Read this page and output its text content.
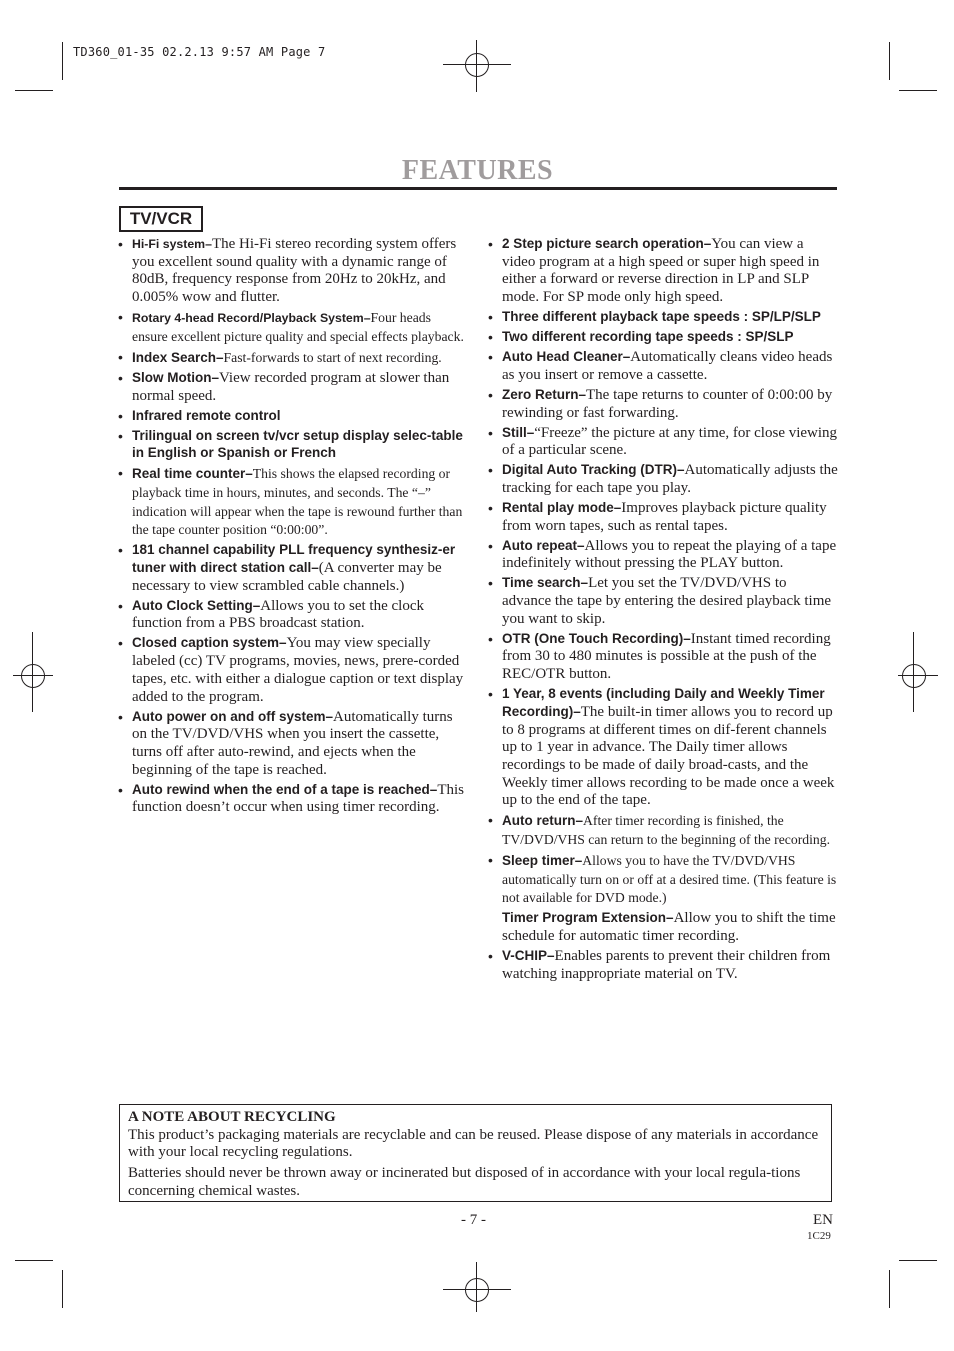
TD360_01-35 02.2.13 9:57 AM Page 7
FEATURES
TV/VCR
• Hi-Fi system–The Hi-Fi stereo recording system offers you excellent sound quality with a dynamic range of 80dB, frequency response from 20Hz to 20kHz, and 0.005% wow and flutter.
• Rotary 4-head Record/Playback System–Four heads ensure excellent picture quality and special effects playback.
• Index Search–Fast-forwards to start of next recording.
• Slow Motion–View recorded program at slower than normal speed.
• Infrared remote control
• Trilingual on screen tv/vcr setup display selec-table in English or Spanish or French
• Real time counter–This shows the elapsed recording or playback time in hours, minutes, and seconds. The “–” indication will appear when the tape is rewound further than the tape counter position “0:00:00”.
• 181 channel capability PLL frequency synthesiz-er tuner with direct station call–(A converter may be necessary to view scrambled cable channels.)
• Auto Clock Setting–Allows you to set the clock function from a PBS broadcast station.
• Closed caption system–You may view specially labeled (cc) TV programs, movies, news, prere-corded tapes, etc. with either a dialogue caption or text display added to the program.
• Auto power on and off system–Automatically turns on the TV/DVD/VHS when you insert the cassette, turns off after auto-rewind, and ejects when the beginning of the tape is reached.
• Auto rewind when the end of a tape is reached–This function doesn’t occur when using timer recording.
• 2 Step picture search operation–You can view a video program at a high speed or super high speed in either a forward or reverse direction in LP and SLP mode. For SP mode only high speed.
• Three different playback tape speeds : SP/LP/SLP
• Two different recording tape speeds : SP/SLP
• Auto Head Cleaner–Automatically cleans video heads as you insert or remove a cassette.
• Zero Return–The tape returns to counter of 0:00:00 by rewinding or fast forwarding.
• Still–“Freeze” the picture at any time, for close viewing of a particular scene.
• Digital Auto Tracking (DTR)–Automatically adjusts the tracking for each tape you play.
• Rental play mode–Improves playback picture quality from worn tapes, such as rental tapes.
• Auto repeat–Allows you to repeat the playing of a tape indefinitely without pressing the PLAY button.
• Time search–Let you set the TV/DVD/VHS to advance the tape by entering the desired playback time you want to skip.
• OTR (One Touch Recording)–Instant timed recording from 30 to 480 minutes is possible at the push of the REC/OTR button.
• 1 Year, 8 events (including Daily and Weekly Timer Recording)–The built-in timer allows you to record up to 8 programs at different times on dif-ferent channels up to 1 year in advance. The Daily timer allows recordings to be made of daily broad-casts, and the Weekly timer allows recording to be made once a week up to the end of the tape.
• Auto return–After timer recording is finished, the TV/DVD/VHS can return to the beginning of the recording.
• Sleep timer–Allows you to have the TV/DVD/VHS automatically turn on or off at a desired time. (This feature is not available for DVD mode.)
Timer Program Extension–Allow you to shift the time schedule for automatic timer recording.
• V-CHIP–Enables parents to prevent their children from watching inappropriate material on TV.
A NOTE ABOUT RECYCLING

This product’s packaging materials are recyclable and can be reused. Please dispose of any materials in accordance with your local recycling regulations.

Batteries should never be thrown away or incinerated but disposed of in accordance with your local regula-tions concerning chemical wastes.

- 7 -	EN
1C29
